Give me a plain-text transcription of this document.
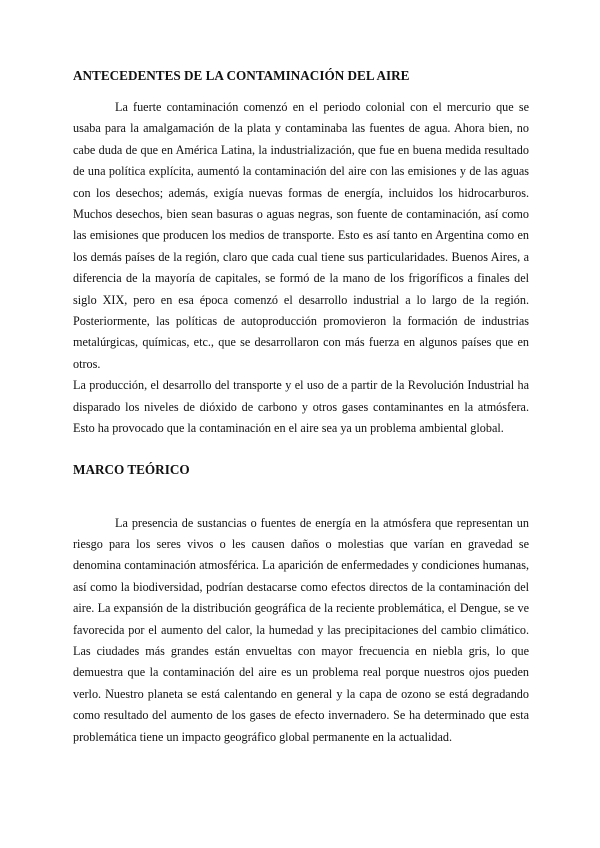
ANTECEDENTES DE LA CONTAMINACIÓN DEL AIRE

La fuerte contaminación comenzó en el periodo colonial con el mercurio que se usaba para la amalgamación de la plata y contaminaba las fuentes de agua. Ahora bien, no cabe duda de que en América Latina, la industrialización, que fue en buena medida resultado de una política explícita, aumentó la contaminación del aire con las emisiones y de las aguas con los desechos; además, exigía nuevas formas de energía, incluidos los hidrocarburos. Muchos desechos, bien sean basuras o aguas negras, son fuente de contaminación, así como las emisiones que producen los medios de transporte. Esto es así tanto en Argentina como en los demás países de la región, claro que cada cual tiene sus particularidades. Buenos Aires, a diferencia de la mayoría de capitales, se formó de la mano de los frigoríficos a finales del siglo XIX, pero en esa época comenzó el desarrollo industrial a lo largo de la región. Posteriormente, las políticas de autoproducción promovieron la formación de industrias metalúrgicas, químicas, etc., que se desarrollaron con más fuerza en algunos países que en otros.

La producción, el desarrollo del transporte y el uso de a partir de la Revolución Industrial ha disparado los niveles de dióxido de carbono y otros gases contaminantes en la atmósfera. Esto ha provocado que la contaminación en el aire sea ya un problema ambiental global.

MARCO TEÓRICO

La presencia de sustancias o fuentes de energía en la atmósfera que representan un riesgo para los seres vivos o les causen daños o molestias que varían en gravedad se denomina contaminación atmosférica. La aparición de enfermedades y condiciones humanas, así como la biodiversidad, podrían destacarse como efectos directos de la contaminación del aire. La expansión de la distribución geográfica de la reciente problemática, el Dengue, se ve favorecida por el aumento del calor, la humedad y las precipitaciones del cambio climático. Las ciudades más grandes están envueltas con mayor frecuencia en niebla gris, lo que demuestra que la contaminación del aire es un problema real porque nuestros ojos pueden verlo. Nuestro planeta se está calentando en general y la capa de ozono se está degradando como resultado del aumento de los gases de efecto invernadero. Se ha determinado que esta problemática tiene un impacto geográfico global permanente en la actualidad.
